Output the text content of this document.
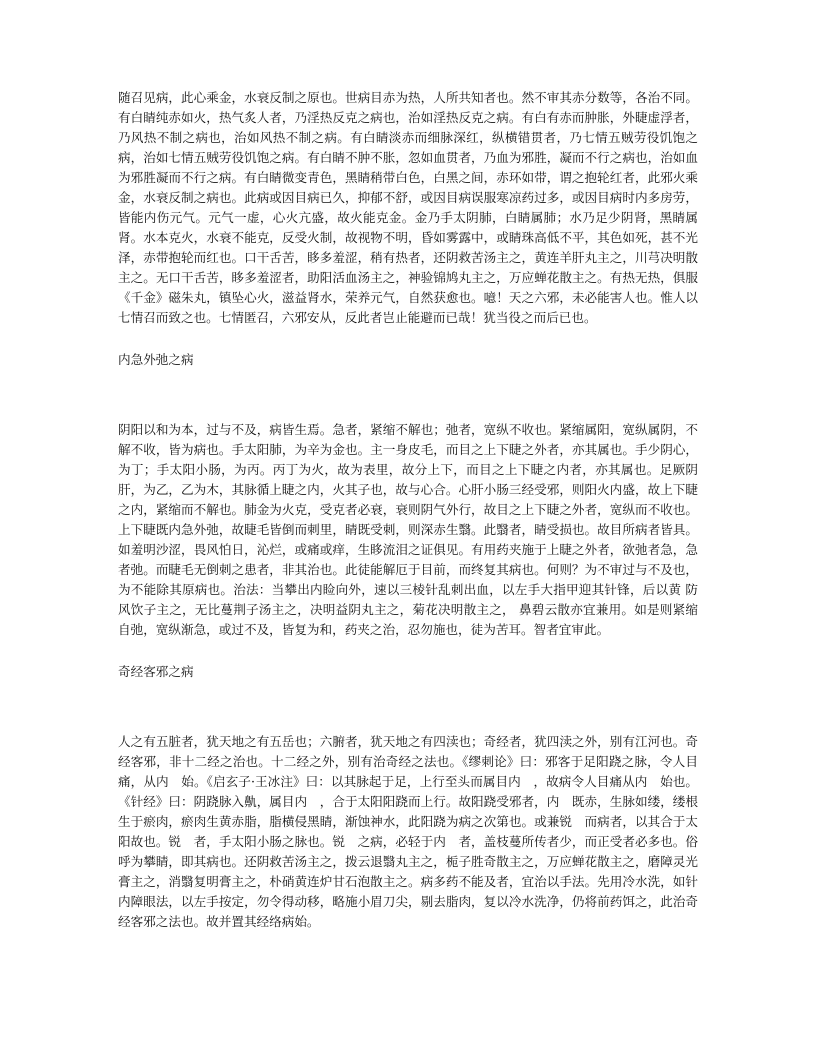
随召见病，此心乘金，水衰反制之原也。世病目赤为热，人所共知者也。然不审其赤分数等，各治不同。有白睛纯赤如火，热气炙人者，乃淫热反克之病也，治如淫热反克之病。有白有赤而肿胀，外睫虚浮者，乃风热不制之病也，治如风热不制之病。有白睛淡赤而细脉深红，纵横错贯者，乃七情五贼劳役饥饱之病，治如七情五贼劳役饥饱之病。有白睛不肿不胀，忽如血贯者，乃血为邪胜，凝而不行之病也，治如血为邪胜凝而不行之病。有白睛微变青色，黑睛稍带白色，白黑之间，赤环如带，谓之抱轮红者，此邪火乘金，水衰反制之病也。此病或因目病已久，抑郁不舒，或因目病误服寒凉药过多，或因目病时内多房劳，皆能内伤元气。元气一虚，心火亢盛，故火能克金。金乃手太阴肺，白睛属肺；水乃足少阴肾，黑睛属肾。水本克火，水衰不能克，反受火制，故视物不明，昏如雾露中，或睛珠高低不平，其色如死，甚不光泽，赤带抱轮而红也。口干舌苦，眵多羞涩，稍有热者，还阴救苦汤主之，黄连羊肝丸主之，川芎决明散主之。无口干舌苦，眵多羞涩者，助阳活血汤主之，神验锦鸠丸主之，万应蝉花散主之。有热无热，俱服《千金》磁朱丸，镇坠心火，滋益肾水，荣养元气，自然获愈也。噫！天之六邪，未必能害人也。惟人以七情召而致之也。七情匿召，六邪安从，反此者岂止能避而已哉！犹当役之而后已也。

内急外弛之病

阴阳以和为本，过与不及，病皆生焉。急者，紧缩不解也；弛者，宽纵不收也。紧缩属阳，宽纵属阴，不解不收，皆为病也。手太阳肺，为辛为金也。主一身皮毛，而目之上下睫之外者，亦其属也。手少阴心，为丁；手太阳小肠，为丙。丙丁为火，故为表里，故分上下，而目之上下睫之内者，亦其属也。足厥阴肝，为乙，乙为木，其脉循上睫之内，火其子也，故与心合。心肝小肠三经受邪，则阳火内盛，故上下睫之内，紧缩而不解也。肺金为火克，受克者必衰，衰则阴气外行，故目之上下睫之外者，宽纵而不收也。上下睫既内急外弛，故睫毛皆倒而刺里，睛既受刺，则深赤生翳。此翳者，睛受损也。故目所病者皆具。如羞明沙涩，畏风怕日，沁烂，或痛或痒，生眵流泪之证俱见。有用药夹施于上睫之外者，欲弛者急，急者弛。而睫毛无倒刺之患者，非其治也。此徒能解厄于目前，而终复其病也。何则？为不审过与不及也，为不能除其原病也。治法：当攀出内睑向外，速以三棱针乱刺出血，以左手大指甲迎其针锋，后以黄 防风饮子主之，无比蔓荆子汤主之，决明益阴丸主之，菊花决明散主之， 鼻碧云散亦宜兼用。如是则紧缩自弛，宽纵渐急，或过不及，皆复为和，药夹之治，忍勿施也，徒为苦耳。智者宜审此。

奇经客邪之病

人之有五脏者，犹天地之有五岳也；六腑者，犹天地之有四渎也；奇经者，犹四渎之外，别有江河也。奇经客邪，非十二经之治也。十二经之外，别有治奇经之法也。《缪刺论》曰：邪客于足阳跷之脉，令人目痛，从内　始。《启玄子·王冰注》曰：以其脉起于足，上行至头而属目内　，故病令人目痛从内　始也。《针经》曰：阴跷脉入鼽，属目内　，合于太阳阳跷而上行。故阳跷受邪者，内　既赤，生脉如缕，缕根生于瘀肉，瘀肉生黄赤脂，脂横侵黑睛，渐蚀神水，此阳跷为病之次第也。或兼锐　而病者，以其合于太阳故也。锐　者，手太阳小肠之脉也。锐　之病，必轻于内　者，盖枝蔓所传者少，而正受者必多也。俗呼为攀睛，即其病也。还阴救苦汤主之，拨云退翳丸主之，栀子胜奇散主之，万应蝉花散主之，磨障灵光膏主之，消翳复明膏主之，朴硝黄连炉甘石泡散主之。病多药不能及者，宜治以手法。先用冷水洗，如针内障眼法，以左手按定，勿令得动移，略施小眉刀尖，剔去脂肉，复以冷水洗净，仍将前药饵之，此治奇经客邪之法也。故并置其经络病始。
